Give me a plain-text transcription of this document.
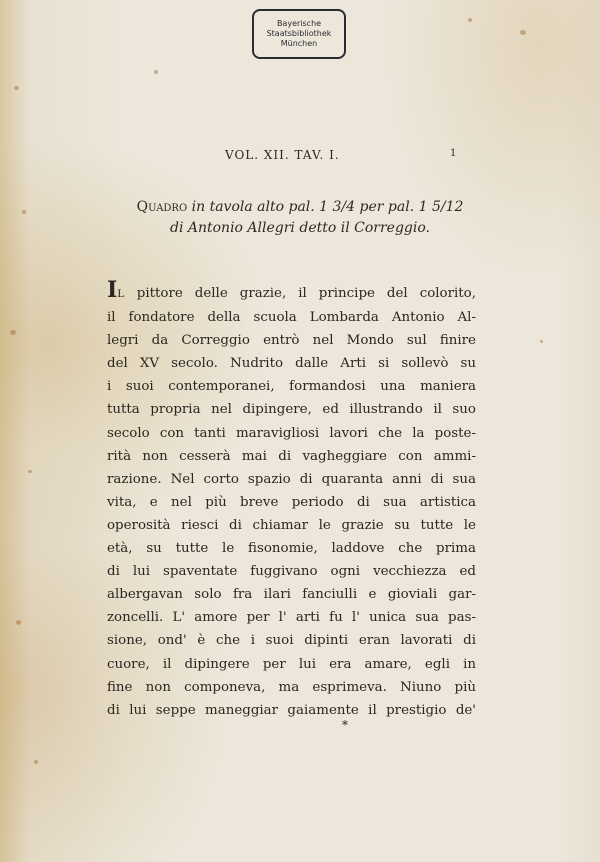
Bayerische
Staatsbibliothek
München
VOL. XII. TAV. I.	1
Quadro in tavola alto pal. 1 3/4 per pal. 1 5/12
di Antonio Allegri detto il Correggio.
IL pittore delle grazie, il principe del colorito,
il fondatore della scuola Lombarda Antonio Al-
legri da Correggio entrò nel Mondo sul finire
del XV secolo. Nudrito dalle Arti si sollevò su
i suoi contemporanei, formandosi una maniera
tutta propria nel dipingere, ed illustrando il suo
secolo con tanti maravigliosi lavori che la poste-
rità non cesserà mai di vagheggiare con ammi-
razione. Nel corto spazio di quaranta anni di sua
vita, e nel più breve periodo di sua artistica
operosità riesci di chiamar le grazie su tutte le
età, su tutte le fisonomie, laddove che prima
di lui spaventate fuggivano ogni vecchiezza ed
albergavan solo fra ilari fanciulli e gioviali gar-
zoncelli. L' amore per l' arti fu l' unica sua pas-
sione, ond' è che i suoi dipinti eran lavorati di
cuore, il dipingere per lui era amare, egli in
fine non componeva, ma esprimeva. Niuno più
di lui seppe maneggiar gaiamente il prestigio de'
*
